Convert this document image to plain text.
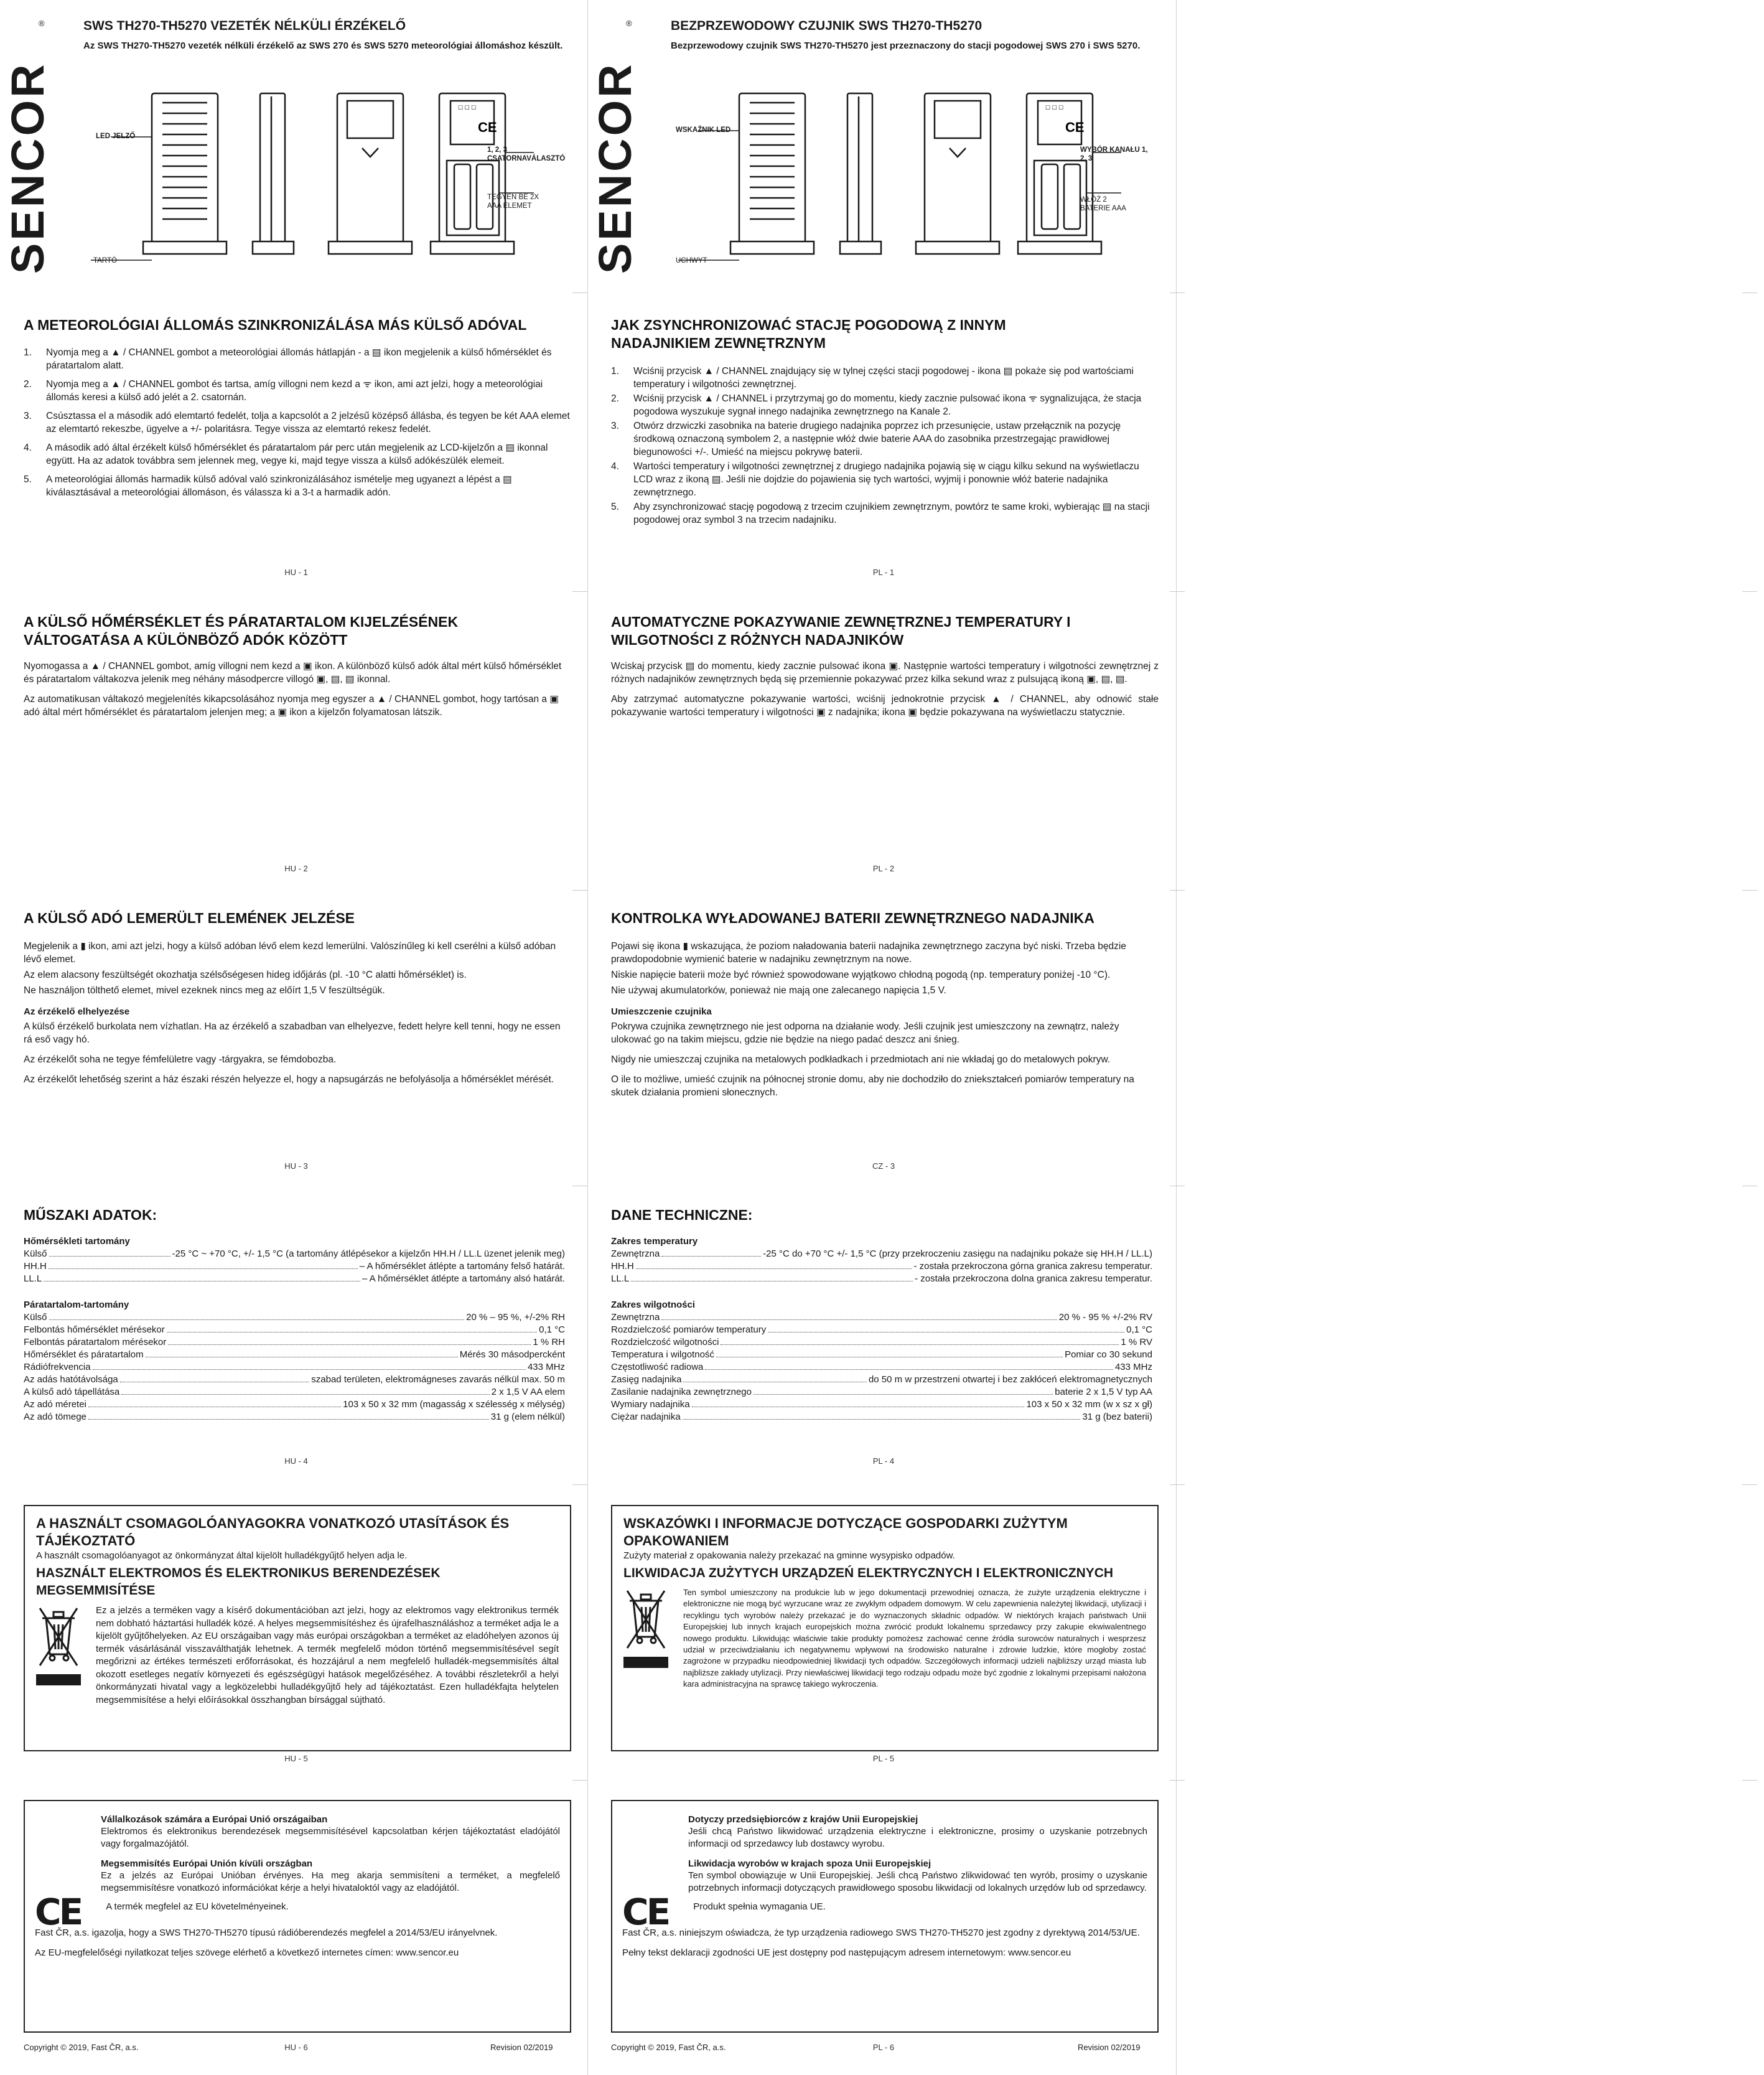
SENCOR
®	SWS TH270-TH5270 VEZETÉK NÉLKÜLI ÉRZÉKELŐ
Az SWS TH270-TH5270 vezeték nélküli érzékelő az SWS 270 és SWS 5270 meteorológiai állomáshoz készült.
CE
☐ ☐ ☐
LED JELZŐ
TARTÓ
1, 2, 3 CSATORNAVÁLASZTÓ
TEGYEN BE 2X AAA ELEMET
A METEOROLÓGIAI ÁLLOMÁS SZINKRONIZÁLÁSA MÁS KÜLSŐ ADÓVAL
1. Nyomja meg a ▲ / CHANNEL gombot a meteorológiai állomás hátlapján - a ▤ ikon megjelenik a külső hőmérséklet és páratartalom alatt.
2. Nyomja meg a ▲ / CHANNEL gombot és tartsa, amíg villogni nem kezd a ᯤ ikon, ami azt jelzi, hogy a meteorológiai állomás keresi a külső adó jelét a 2. csatornán.
3. Csúsztassa el a második adó elemtartó fedelét, tolja a kapcsolót a 2 jelzésű középső állásba, és tegyen be két AAA elemet az elemtartó rekeszbe, ügyelve a +/- polaritásra. Tegye vissza az elemtartó rekesz fedelét.
4. A második adó által érzékelt külső hőmérséklet és páratartalom pár perc után megjelenik az LCD-kijelzőn a ▤ ikonnal együtt. Ha az adatok továbbra sem jelennek meg, vegye ki, majd tegye vissza a külső adókészülék elemeit.
5. A meteorológiai állomás harmadik külső adóval való szinkronizálásához ismételje meg ugyanezt a lépést a ▤ kiválasztásával a meteorológiai állomáson, és válassza ki a 3-t a harmadik adón.
HU - 1
A KÜLSŐ HŐMÉRSÉKLET ÉS PÁRATARTALOM KIJELZÉSÉNEK VÁLTOGATÁSA A KÜLÖNBÖZŐ ADÓK KÖZÖTT

Nyomogassa a ▲ / CHANNEL gombot, amíg villogni nem kezd a ▣ ikon. A különböző külső adók által mért külső hőmérséklet és páratartalom váltakozva jelenik meg néhány másodpercre villogó ▣, ▤, ▤ ikonnal.

Az automatikusan váltakozó megjelenítés kikapcsolásához nyomja meg egyszer a ▲ / CHANNEL gombot, hogy tartósan a ▣ adó által mért hőmérséklet és páratartalom jelenjen meg; a ▣ ikon a kijelzőn folyamatosan látszik.

HU - 2
A KÜLSŐ ADÓ LEMERÜLT ELEMÉNEK JELZÉSE

Megjelenik a ▮ ikon, ami azt jelzi, hogy a külső adóban lévő elem kezd lemerülni. Valószínűleg ki kell cserélni a külső adóban lévő elemet.

Az elem alacsony feszültségét okozhatja szélsőségesen hideg időjárás (pl. -10 °C alatti hőmérséklet) is.

Ne használjon tölthető elemet, mivel ezeknek nincs meg az előírt 1,5 V feszültségük.

Az érzékelő elhelyezése

A külső érzékelő burkolata nem vízhatlan. Ha az érzékelő a szabadban van elhelyezve, fedett helyre kell tenni, hogy ne essen rá eső vagy hó.

Az érzékelőt soha ne tegye fémfelületre vagy -tárgyakra, se fémdobozba.

Az érzékelőt lehetőség szerint a ház északi részén helyezze el, hogy a napsugárzás ne befolyásolja a hőmérséklet mérését.

HU - 3
MŰSZAKI ADATOK:
Hőmérsékleti tartomány
Külső	-25 °C ~ +70 °C, +/- 1,5 °C (a tartomány átlépésekor a kijelzőn HH.H / LL.L üzenet jelenik meg)
HH.H	– A hőmérséklet átlépte a tartomány felső határát.
LL.L	– A hőmérséklet átlépte a tartomány alsó határát.
Páratartalom-tartomány
Külső	20 % – 95 %, +/-2% RH
Felbontás hőmérséklet mérésekor	0,1 °C
Felbontás páratartalom mérésekor	1 % RH
Hőmérséklet és páratartalom	Mérés 30 másodpercként
Rádiófrekvencia	433 MHz
Az adás hatótávolsága	szabad területen, elektromágneses zavarás nélkül max. 50 m
A külső adó tápellátása	2 x 1,5 V AA elem
Az adó méretei	103 x 50 x 32 mm (magasság x szélesség x mélység)
Az adó tömege	31 g (elem nélkül)
HU - 4
A HASZNÁLT CSOMAGOLÓANYAGOKRA VONATKOZÓ UTASÍTÁSOK ÉS TÁJÉKOZTATÓ
A használt csomagolóanyagot az önkormányzat által kijelölt hulladékgyűjtő helyen adja le.
HASZNÁLT ELEKTROMOS ÉS ELEKTRONIKUS BERENDEZÉSEK MEGSEMMISÍTÉSE
Ez a jelzés a terméken vagy a kísérő dokumentációban azt jelzi, hogy az elektromos vagy elektronikus termék nem dobható háztartási hulladék közé. A helyes megsemmisítéshez és újrafelhasználáshoz a terméket adja le a kijelölt gyűjtőhelyeken. Az EU országaiban vagy más európai országokban a terméket az eladóhelyen azonos új termék vásárlásánál visszaválthatják lehetnek. A termék megfelelő módon történő megsemmisítésével segít megőrizni az értékes természeti erőforrásokat, és hozzájárul a nem megfelelő hulladék-megsemmisítés által okozott esetleges negatív környezeti és egészségügyi hatások megelőzéséhez. A további részletekről a helyi önkormányzati hivatal vagy a legközelebbi hulladékgyűjtő hely ad tájékoztatást. Ezen hulladékfajta helytelen megsemmisítése a helyi előírásokkal összhangban bírsággal sújtható.
HU - 5
Vállalkozások számára a Európai Unió országaiban
Elektromos és elektronikus berendezések megsemmisítésével kapcsolatban kérjen tájékoztatást eladójától vagy forgalmazójától.
Megsemmisítés Európai Unión kívüli országban
Ez a jelzés az Európai Unióban érvényes. Ha meg akarja semmisíteni a terméket, a megfelelő megsemmisítésre vonatkozó információkat kérje a helyi hivataloktól vagy az eladójától.
CE	A termék megfelel az EU követelményeinek.
Fast ČR, a.s. igazolja, hogy a SWS TH270-TH5270 típusú rádióberendezés megfelel a 2014/53/EU irányelvnek.
Az EU-megfelelőségi nyilatkozat teljes szövege elérhető a következő internetes címen: www.sencor.eu
Copyright © 2019, Fast ČR, a.s.	HU - 6	Revision 02/2019
SENCOR
®	BEZPRZEWODOWY CZUJNIK SWS TH270-TH5270
Bezprzewodowy czujnik SWS TH270-TH5270 jest przeznaczony do stacji pogodowej SWS 270 i SWS 5270.
CE
☐ ☐ ☐
WSKAŹNIK LED
UCHWYT
WYBÓR KANAŁU 1, 2, 3
WŁÓŻ 2 BATERIE AAA
JAK ZSYNCHRONIZOWAĆ STACJĘ POGODOWĄ Z INNYM NADAJNIKIEM ZEWNĘTRZNYM
1. Wciśnij przycisk ▲ / CHANNEL znajdujący się w tylnej części stacji pogodowej - ikona ▤ pokaże się pod wartościami temperatury i wilgotności zewnętrznej.
2. Wciśnij przycisk ▲ / CHANNEL i przytrzymaj go do momentu, kiedy zacznie pulsować ikona ᯤ sygnalizująca, że stacja pogodowa wyszukuje sygnał innego nadajnika zewnętrznego na Kanale 2.
3. Otwórz drzwiczki zasobnika na baterie drugiego nadajnika poprzez ich przesunięcie, ustaw przełącznik na pozycję środkową oznaczoną symbolem 2, a następnie włóż dwie baterie AAA do zasobnika przestrzegając prawidłowej biegunowości +/-. Umieść na miejscu pokrywę baterii.
4. Wartości temperatury i wilgotności zewnętrznej z drugiego nadajnika pojawią się w ciągu kilku sekund na wyświetlaczu LCD wraz z ikoną ▤. Jeśli nie dojdzie do pojawienia się tych wartości, wyjmij i ponownie włóż baterie nadajnika zewnętrznego.
5. Aby zsynchronizować stację pogodową z trzecim czujnikiem zewnętrznym, powtórz te same kroki, wybierając ▤ na stacji pogodowej oraz symbol 3 na trzecim nadajniku.
PL - 1
AUTOMATYCZNE POKAZYWANIE ZEWNĘTRZNEJ TEMPERATURY I WILGOTNOŚCI Z RÓŻNYCH NADAJNIKÓW

Wciskaj przycisk ▤ do momentu, kiedy zacznie pulsować ikona ▣. Następnie wartości temperatury i wilgotności zewnętrznej z różnych nadajników zewnętrznych będą się przemiennie pokazywać przez kilka sekund wraz z pulsującą ikoną ▣, ▤, ▤.

Aby zatrzymać automatyczne pokazywanie wartości, wciśnij jednokrotnie przycisk ▲ / CHANNEL, aby odnowić stałe pokazywanie wartości temperatury i wilgotności ▣ z nadajnika; ikona ▣ będzie pokazywana na wyświetlaczu statycznie.

PL - 2
KONTROLKA WYŁADOWANEJ BATERII ZEWNĘTRZNEGO NADAJNIKA

Pojawi się ikona ▮ wskazująca, że poziom naładowania baterii nadajnika zewnętrznego zaczyna być niski. Trzeba będzie prawdopodobnie wymienić baterie w nadajniku zewnętrznym na nowe.

Niskie napięcie baterii może być również spowodowane wyjątkowo chłodną pogodą (np. temperatury poniżej -10 °C).

Nie używaj akumulatorków, ponieważ nie mają one zalecanego napięcia 1,5 V.

Umieszczenie czujnika

Pokrywa czujnika zewnętrznego nie jest odporna na działanie wody. Jeśli czujnik jest umieszczony na zewnątrz, należy ulokować go na takim miejscu, gdzie nie będzie na niego padać deszcz ani śnieg.

Nigdy nie umieszczaj czujnika na metalowych podkładkach i przedmiotach ani nie wkładaj go do metalowych pokryw.

O ile to możliwe, umieść czujnik na północnej stronie domu, aby nie dochodziło do zniekształceń pomiarów temperatury na skutek działania promieni słonecznych.

CZ - 3
DANE TECHNICZNE:
Zakres temperatury
Zewnętrzna	-25 °C do +70 °C +/- 1,5 °C (przy przekroczeniu zasięgu na nadajniku pokaże się HH.H / LL.L)
HH.H	- została przekroczona górna granica zakresu temperatur.
LL.L	- została przekroczona dolna granica zakresu temperatur.
Zakres wilgotności
Zewnętrzna	20 % - 95 % +/-2% RV
Rozdzielczość pomiarów temperatury	0,1 °C
Rozdzielczość wilgotności	1 % RV
Temperatura i wilgotność	Pomiar co 30 sekund
Częstotliwość radiowa	433 MHz
Zasięg nadajnika	do 50 m w przestrzeni otwartej i bez zakłóceń elektromagnetycznych
Zasilanie nadajnika zewnętrznego	baterie 2 x 1,5 V typ AA
Wymiary nadajnika	103 x 50 x 32 mm (w x sz x gł)
Ciężar nadajnika	31 g (bez baterii)
PL - 4
WSKAZÓWKI I INFORMACJE DOTYCZĄCE GOSPODARKI ZUŻYTYM OPAKOWANIEM
Zużyty materiał z opakowania należy przekazać na gminne wysypisko odpadów.
LIKWIDACJA ZUŻYTYCH URZĄDZEŃ ELEKTRYCZNYCH I ELEKTRONICZNYCH
Ten symbol umieszczony na produkcie lub w jego dokumentacji przewodniej oznacza, że zużyte urządzenia elektryczne i elektroniczne nie mogą być wyrzucane wraz ze zwykłym odpadem domowym. W celu zapewnienia należytej likwidacji, utylizacji i recyklingu tych wyrobów należy przekazać je do wyznaczonych składnic odpadów. W niektórych krajach państwach Unii Europejskiej lub innych krajach europejskich można zwrócić produkt lokalnemu sprzedawcy przy zakupie ekwiwalentnego nowego produktu. Likwidując właściwie takie produkty pomożesz zachować cenne źródła surowców naturalnych i wesprzesz udział w przeciwdziałaniu ich negatywnemu wpływowi na środowisko naturalne i zdrowie ludzkie, które mogłoby zostać zagrożone w przypadku nieodpowiedniej likwidacji tych odpadów. Szczegółowych informacji udzieli najbliższy urząd miasta lub najbliższe zakłady utylizacji. Przy niewłaściwej likwidacji tego rodzaju odpadu może być zgodnie z lokalnymi przepisami nałożona kara administracyjna na sprawcę takiego wykroczenia.
PL - 5
Dotyczy przedsiębiorców z krajów Unii Europejskiej
Jeśli chcą Państwo likwidować urządzenia elektryczne i elektroniczne, prosimy o uzyskanie potrzebnych informacji od sprzedawcy lub dostawcy wyrobu.
Likwidacja wyrobów w krajach spoza Unii Europejskiej
Ten symbol obowiązuje w Unii Europejskiej. Jeśli chcą Państwo zlikwidować ten wyrób, prosimy o uzyskanie potrzebnych informacji dotyczących prawidłowego sposobu likwidacji od lokalnych urzędów lub od sprzedawcy.
CE	Produkt spełnia wymagania UE.
Fast ČR, a.s. niniejszym oświadcza, że typ urządzenia radiowego SWS TH270-TH5270 jest zgodny z dyrektywą 2014/53/UE.
Pełny tekst deklaracji zgodności UE jest dostępny pod następującym adresem internetowym: www.sencor.eu
Copyright © 2019, Fast ČR, a.s.	PL - 6	Revision 02/2019
